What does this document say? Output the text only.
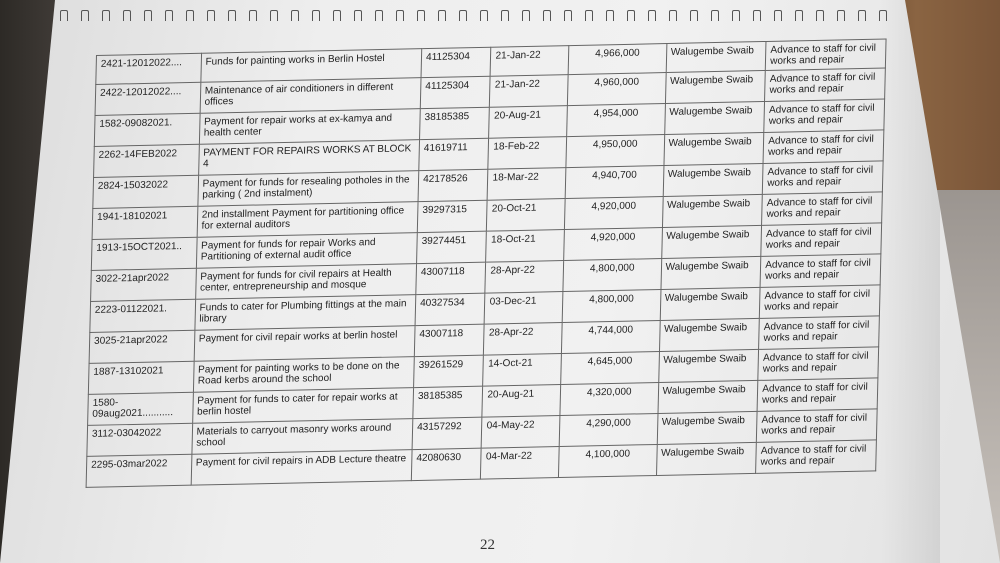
2421-12012022....	Funds for painting works in Berlin Hostel	41125304	21-Jan-22	4,966,000	Walugembe Swaib	Advance to staff for civil works and repair
2422-12012022....	Maintenance of air conditioners in different offices	41125304	21-Jan-22	4,960,000	Walugembe Swaib	Advance to staff for civil works and repair
1582-09082021.	Payment for repair works at ex-kamya and health center	38185385	20-Aug-21	4,954,000	Walugembe Swaib	Advance to staff for civil works and repair
2262-14FEB2022	PAYMENT FOR REPAIRS WORKS AT BLOCK 4	41619711	18-Feb-22	4,950,000	Walugembe Swaib	Advance to staff for civil works and repair
2824-15032022	Payment for funds for resealing potholes in the parking ( 2nd instalment)	42178526	18-Mar-22	4,940,700	Walugembe Swaib	Advance to staff for civil works and repair
1941-18102021	2nd installment Payment for partitioning office for external auditors	39297315	20-Oct-21	4,920,000	Walugembe Swaib	Advance to staff for civil works and repair
1913-15OCT2021..	Payment for funds for repair Works and Partitioning of external audit office	39274451	18-Oct-21	4,920,000	Walugembe Swaib	Advance to staff for civil works and repair
3022-21apr2022	Payment for funds for civil repairs at Health center, entrepreneurship and mosque	43007118	28-Apr-22	4,800,000	Walugembe Swaib	Advance to staff for civil works and repair
2223-01122021.	Funds to cater for Plumbing fittings at the main library	40327534	03-Dec-21	4,800,000	Walugembe Swaib	Advance to staff for civil works and repair
3025-21apr2022	Payment for civil repair works at berlin hostel	43007118	28-Apr-22	4,744,000	Walugembe Swaib	Advance to staff for civil works and repair
1887-13102021	Payment for painting works to be done on the Road kerbs around the school	39261529	14-Oct-21	4,645,000	Walugembe Swaib	Advance to staff for civil works and repair
1580-09aug2021...........	Payment for funds to cater for repair works at berlin hostel	38185385	20-Aug-21	4,320,000	Walugembe Swaib	Advance to staff for civil works and repair
3112-03042022	Materials to carryout masonry works around school	43157292	04-May-22	4,290,000	Walugembe Swaib	Advance to staff for civil works and repair
2295-03mar2022	Payment for civil repairs in ADB Lecture theatre	42080630	04-Mar-22	4,100,000	Walugembe Swaib	Advance to staff for civil works and repair
22
